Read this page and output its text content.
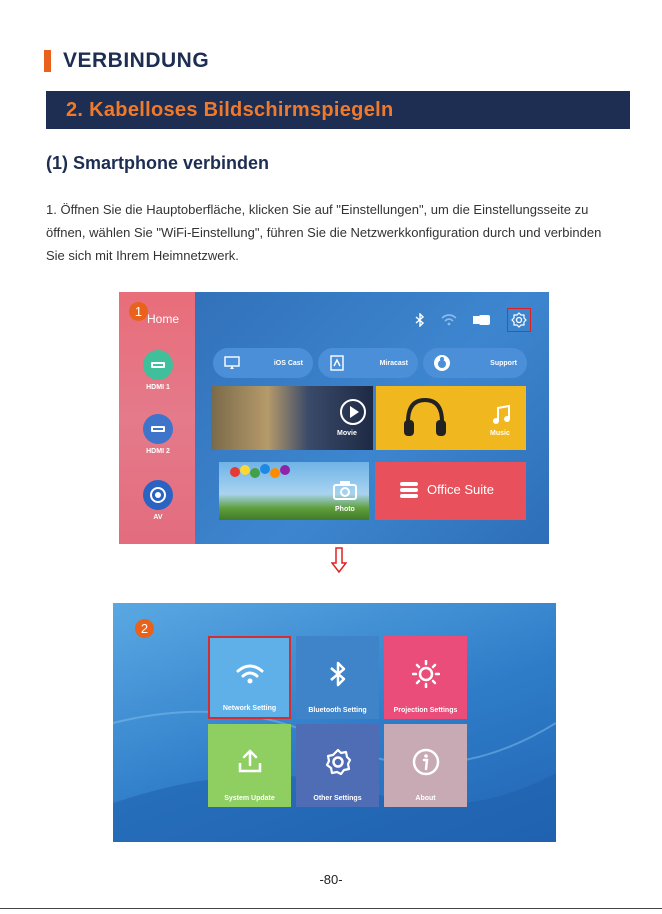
VERBINDUNG
2. Kabelloses Bildschirmspiegeln
(1) Smartphone verbinden
1. Öffnen Sie die Hauptoberfläche, klicken Sie auf "Einstellungen", um die Einstellungsseite zu öffnen, wählen Sie "WiFi-Einstellung", führen Sie die Netzwerkkonfiguration durch und verbinden Sie sich mit Ihrem Heimnetzwerk.
Home
HDMI 1
HDMI 2
AV
1
iOS Cast	Miracast	Support
Movie	Music
Photo
Office Suite
2
Network Setting	Bluetooth Setting	Projection Settings
System Update	Other Settings	About
-80-
